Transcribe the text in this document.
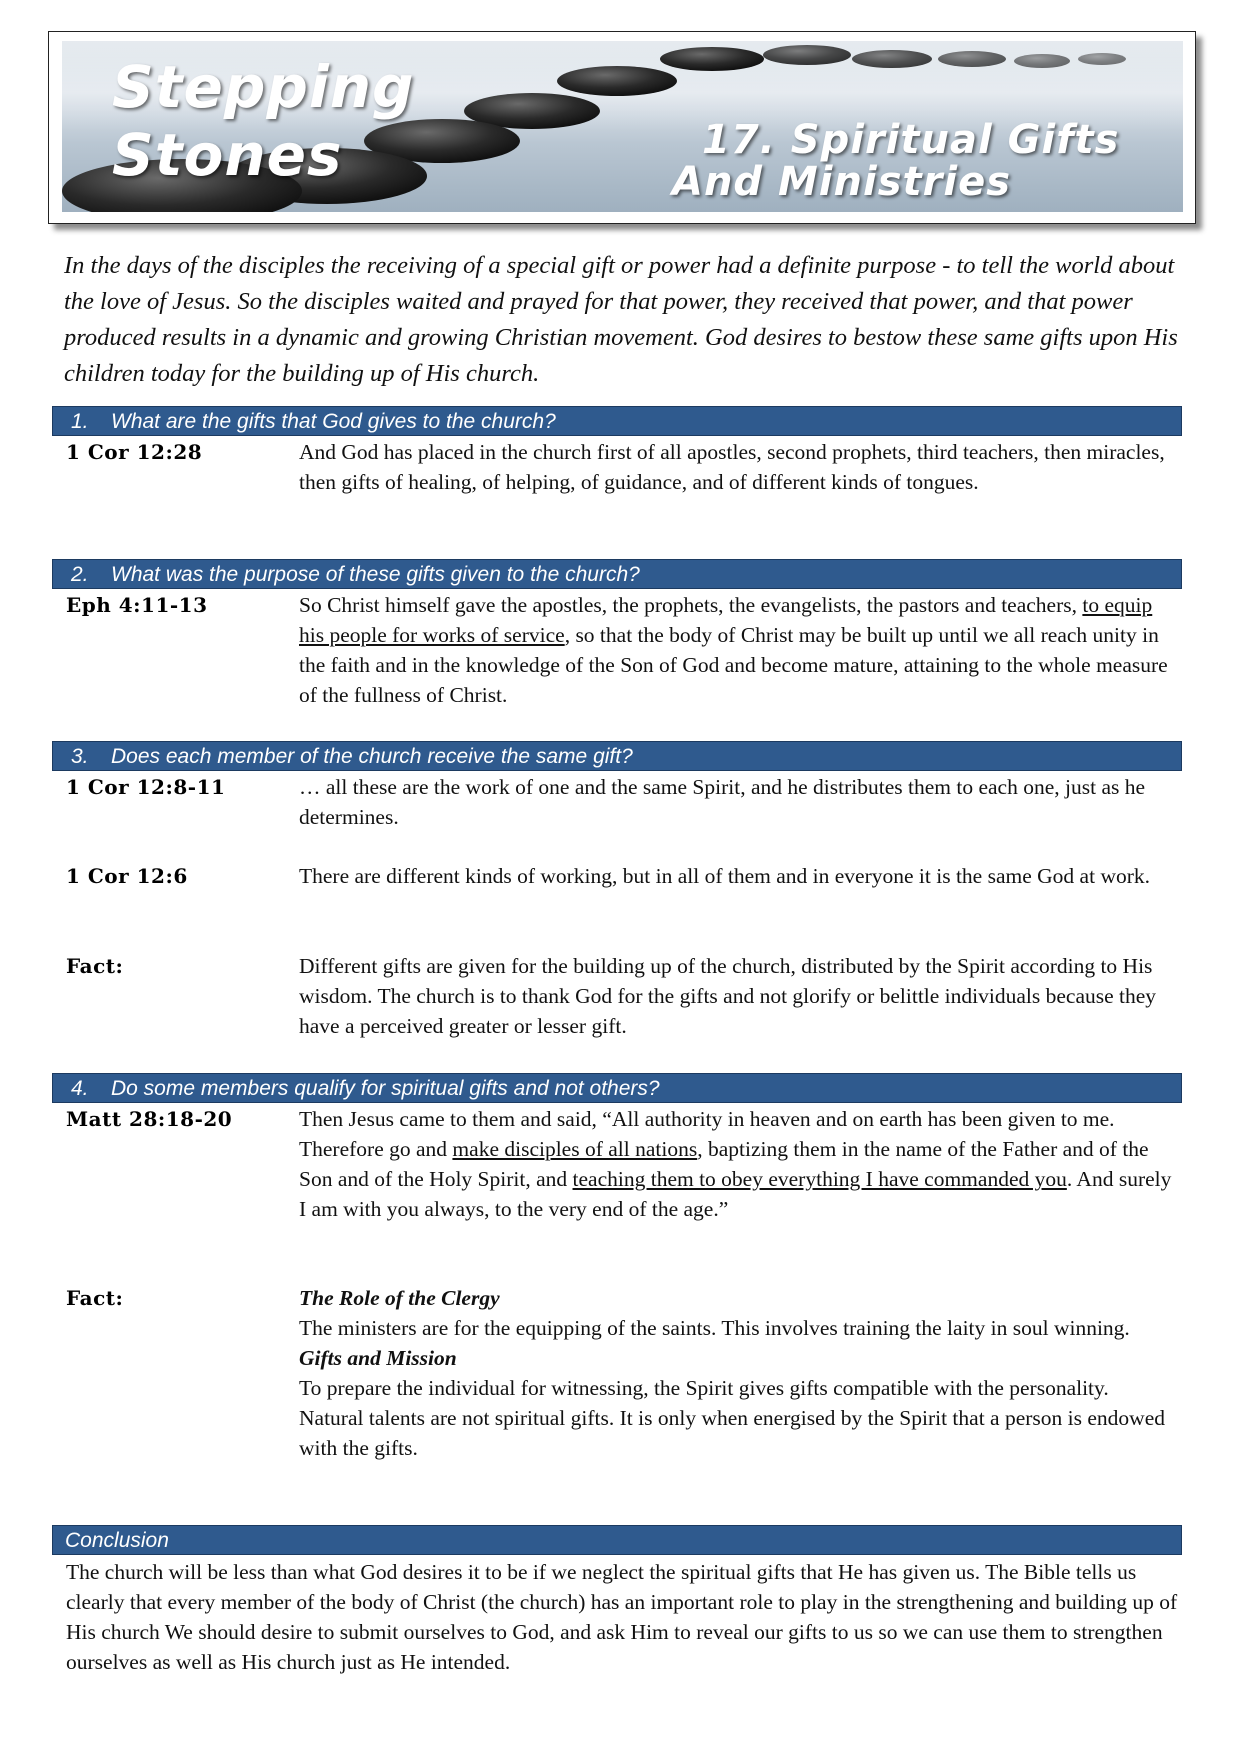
Stepping
Stones	17. Spiritual Gifts
And Ministries
In the days of the disciples the receiving of a special gift or power had a definite purpose - to tell the world about the love of Jesus. So the disciples waited and prayed for that power, they received that power, and that power produced results in a dynamic and growing Christian movement. God desires to bestow these same gifts upon His children today for the building up of His church.
1. What are the gifts that God gives to the church?
1 Cor 12:28	And God has placed in the church first of all apostles, second prophets, third teachers, then miracles, then gifts of healing, of helping, of guidance, and of different kinds of tongues.
2. What was the purpose of these gifts given to the church?
Eph 4:11-13	So Christ himself gave the apostles, the prophets, the evangelists, the pastors and teachers, to equip his people for works of service, so that the body of Christ may be built up until we all reach unity in the faith and in the knowledge of the Son of God and become mature, attaining to the whole measure of the fullness of Christ.
3. Does each member of the church receive the same gift?
1 Cor 12:8-11	… all these are the work of one and the same Spirit, and he distributes them to each one, just as he determines.
1 Cor 12:6	There are different kinds of working, but in all of them and in everyone it is the same God at work.
Fact:	Different gifts are given for the building up of the church, distributed by the Spirit according to His wisdom. The church is to thank God for the gifts and not glorify or belittle individuals because they have a perceived greater or lesser gift.
4. Do some members qualify for spiritual gifts and not others?
Matt 28:18-20	Then Jesus came to them and said, “All authority in heaven and on earth has been given to me. Therefore go and make disciples of all nations, baptizing them in the name of the Father and of the Son and of the Holy Spirit, and teaching them to obey everything I have commanded you. And surely I am with you always, to the very end of the age.”
Fact:	The Role of the Clergy
The ministers are for the equipping of the saints. This involves training the laity in soul winning.
Gifts and Mission
To prepare the individual for witnessing, the Spirit gives gifts compatible with the personality. Natural talents are not spiritual gifts. It is only when energised by the Spirit that a person is endowed with the gifts.
Conclusion
The church will be less than what God desires it to be if we neglect the spiritual gifts that He has given us. The Bible tells us clearly that every member of the body of Christ (the church) has an important role to play in the strengthening and building up of His church We should desire to submit ourselves to God, and ask Him to reveal our gifts to us so we can use them to strengthen ourselves as well as His church just as He intended.
